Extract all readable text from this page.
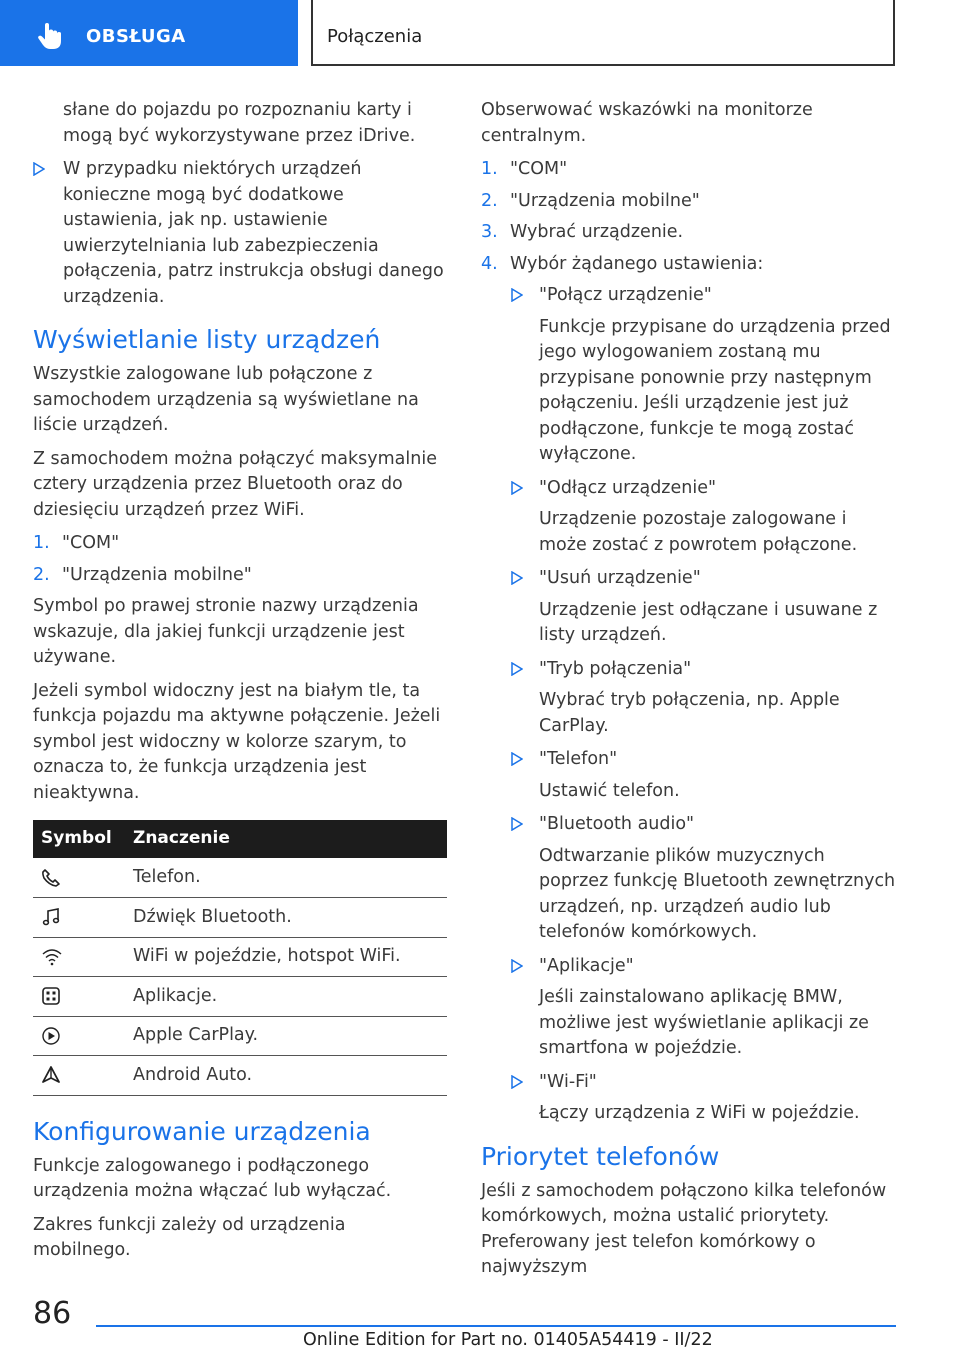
OBSŁUGA	Połączenia
słane do pojazdu po rozpoznaniu karty i mogą być wykorzystywane przez iDrive.
W przypadku niektórych urządzeń konieczne mogą być dodatkowe ustawienia, jak np. ustawienie uwierzytelniania lub zabezpieczenia połączenia, patrz instrukcja obsługi danego urządzenia.
Wyświetlanie listy urządzeń

Wszystkie zalogowane lub połączone z samochodem urządzenia są wyświetlane na liście urządzeń.

Z samochodem można połączyć maksymalnie cztery urządzenia przez Bluetooth oraz do dziesięciu urządzeń przez WiFi.

1. "COM"
2. "Urządzenia mobilne"

Symbol po prawej stronie nazwy urządzenia wskazuje, dla jakiej funkcji urządzenie jest używane.

Jeżeli symbol widoczny jest na białym tle, ta funkcja pojazdu ma aktywne połączenie. Jeżeli symbol jest widoczny w kolorze szarym, to oznacza to, że funkcja urządzenia jest nieaktywna.

Symbol	Znaczenie

	Telefon.

	Dźwięk Bluetooth.

	WiFi w pojeździe, hotspot WiFi.

	Aplikacje.

	Apple CarPlay.

	Android Auto.
Konfigurowanie urządzenia

Funkcje zalogowanego i podłączonego urządzenia można włączać lub wyłączać.

Zakres funkcji zależy od urządzenia mobilnego.

Obserwować wskazówki na monitorze centralnym.

1. "COM"
2. "Urządzenia mobilne"
3. Wybrać urządzenie.
4. Wybór żądanego ustawienia:
"Połącz urządzenie"
Funkcje przypisane do urządzenia przed jego wylogowaniem zostaną mu przypisane ponownie przy następnym połączeniu. Jeśli urządzenie jest już podłączone, funkcje te mogą zostać wyłączone.
"Odłącz urządzenie"
Urządzenie pozostaje zalogowane i może zostać z powrotem połączone.
"Usuń urządzenie"
Urządzenie jest odłączane i usuwane z listy urządzeń.
"Tryb połączenia"
Wybrać tryb połączenia, np. Apple CarPlay.
"Telefon"
Ustawić telefon.
"Bluetooth audio"
Odtwarzanie plików muzycznych poprzez funkcję Bluetooth zewnętrznych urządzeń, np. urządzeń audio lub telefonów komórkowych.
"Aplikacje"
Jeśli zainstalowano aplikację BMW, możliwe jest wyświetlanie aplikacji ze smartfona w pojeździe.
"Wi-Fi"
Łączy urządzenia z WiFi w pojeździe.
Priorytet telefonów

Jeśli z samochodem połączono kilka telefonów komórkowych, można ustalić priorytety. Preferowany jest telefon komórkowy o najwyższym

86
Online Edition for Part no. 01405A54419 - II/22
